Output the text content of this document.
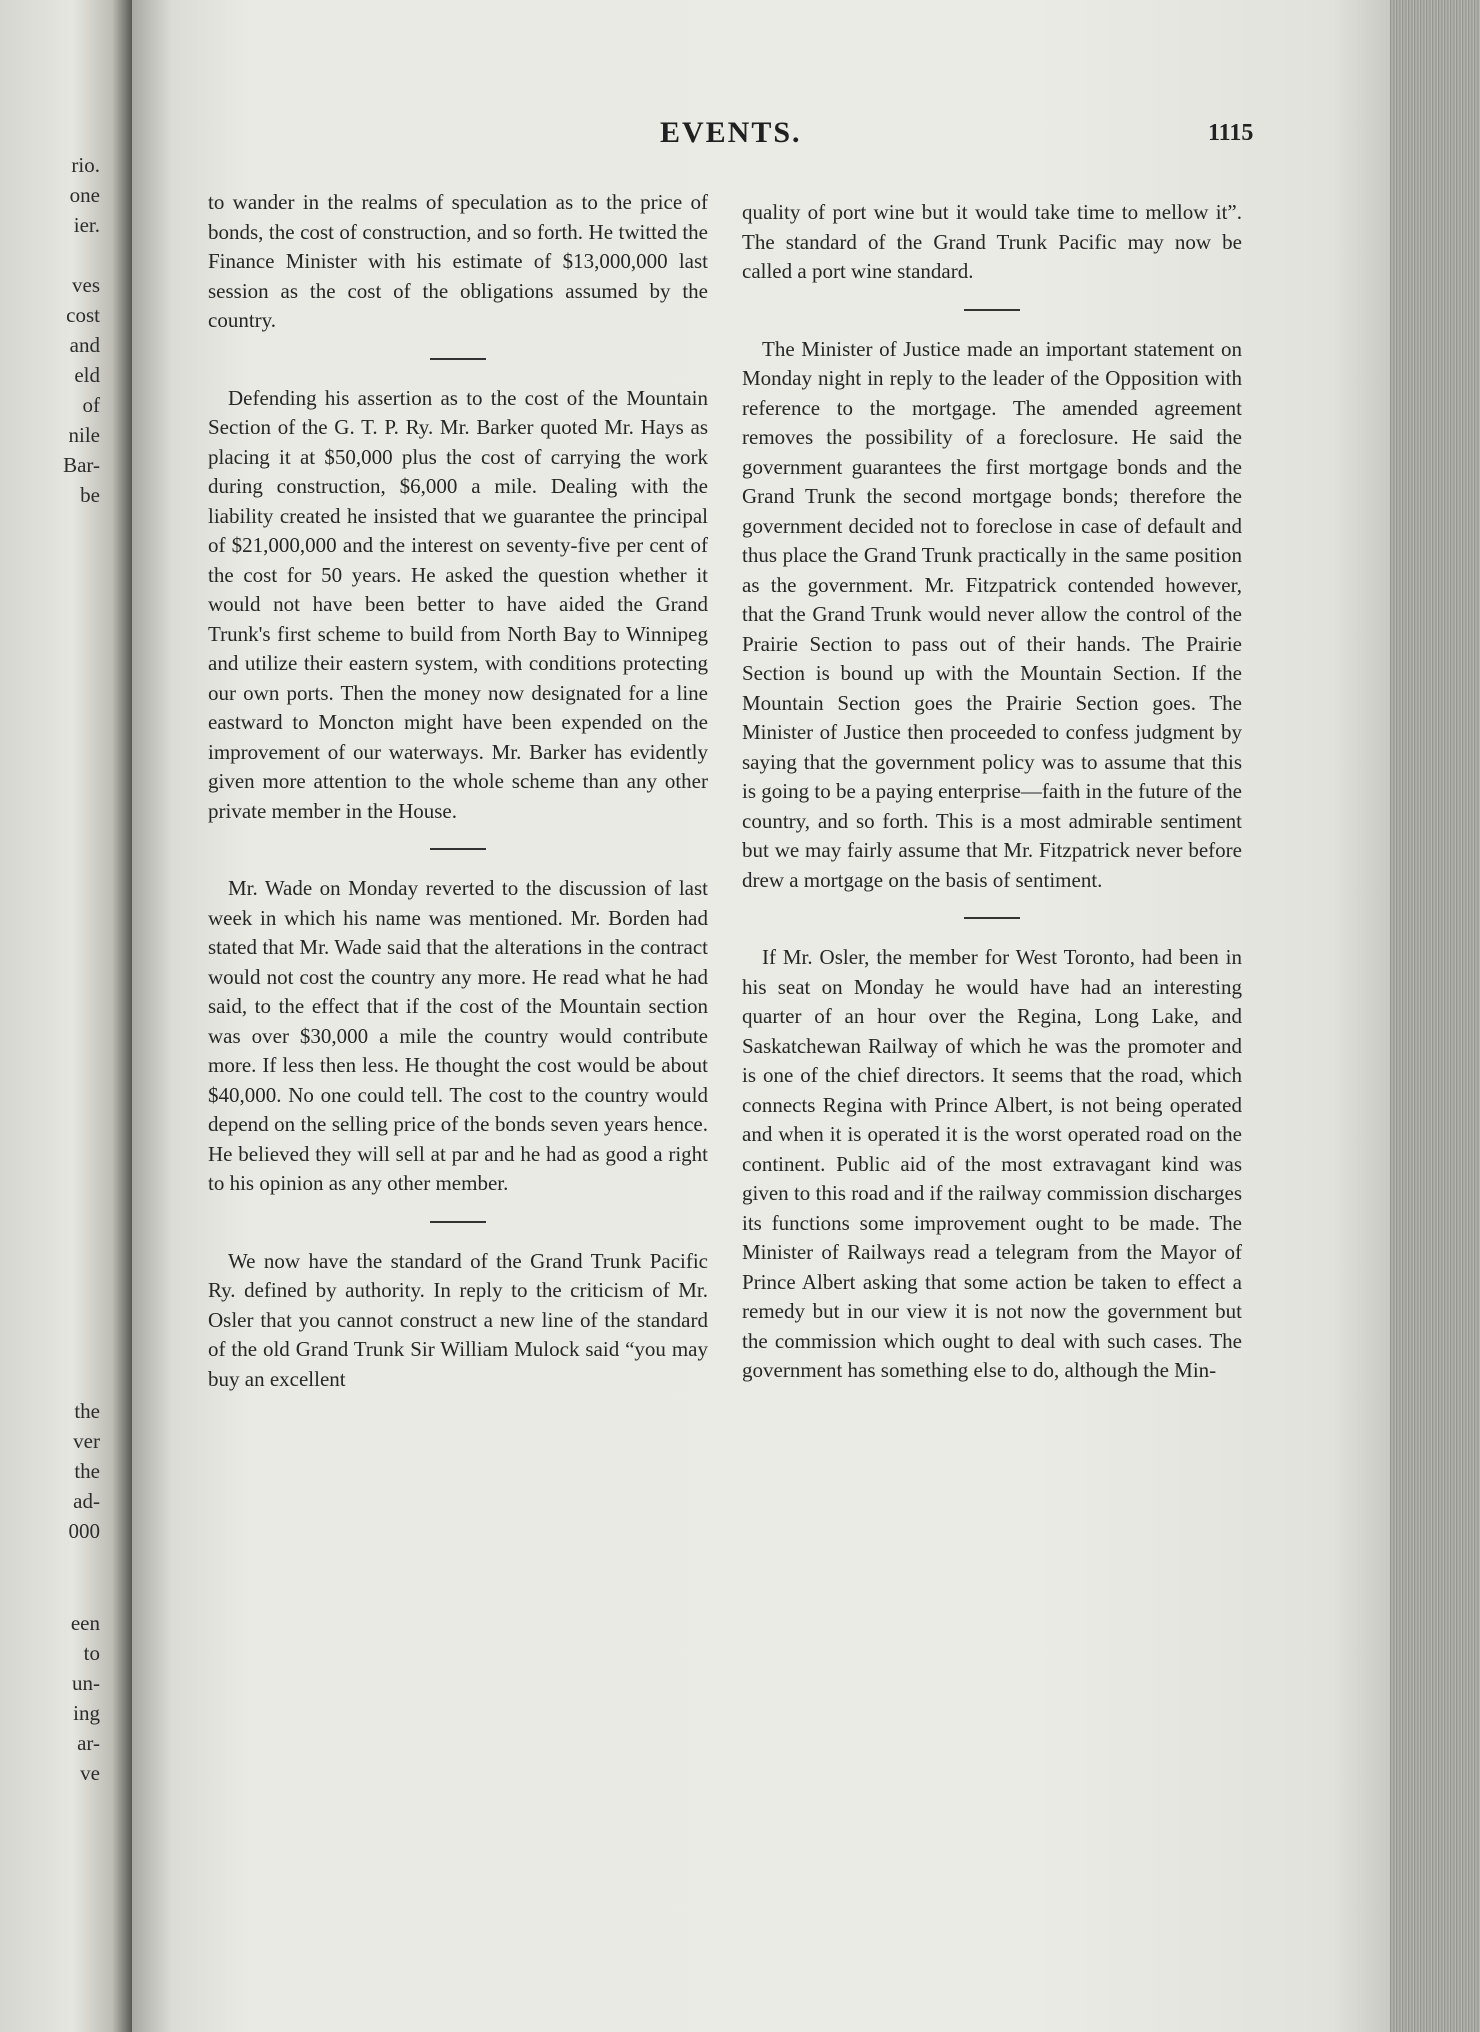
rio.

one

ier.

ves

cost

and

eld

of

nile

Bar-

be

the

ver

the

ad-

000

een

to

un-

ing

ar-

ve

EVENTS.	1115

to wander in the realms of speculation as to the price of bonds, the cost of construction, and so forth. He twitted the Finance Minister with his estimate of $13,000,000 last session as the cost of the obligations assumed by the country.

Defending his assertion as to the cost of the Mountain Section of the G. T. P. Ry. Mr. Barker quoted Mr. Hays as placing it at $50,000 plus the cost of carrying the work during construction, $6,000 a mile. Dealing with the liability created he insisted that we guarantee the principal of $21,000,000 and the interest on seventy-five per cent of the cost for 50 years. He asked the question whether it would not have been better to have aided the Grand Trunk's first scheme to build from North Bay to Winnipeg and utilize their eastern system, with conditions protecting our own ports. Then the money now designated for a line eastward to Moncton might have been expended on the improvement of our waterways. Mr. Barker has evidently given more attention to the whole scheme than any other private member in the House.

Mr. Wade on Monday reverted to the discussion of last week in which his name was mentioned. Mr. Borden had stated that Mr. Wade said that the alterations in the contract would not cost the country any more. He read what he had said, to the effect that if the cost of the Mountain section was over $30,000 a mile the country would contribute more. If less then less. He thought the cost would be about $40,000. No one could tell. The cost to the country would depend on the selling price of the bonds seven years hence. He believed they will sell at par and he had as good a right to his opinion as any other member.

We now have the standard of the Grand Trunk Pacific Ry. defined by authority. In reply to the criticism of Mr. Osler that you cannot construct a new line of the standard of the old Grand Trunk Sir William Mulock said “you may buy an excellent

quality of port wine but it would take time to mellow it”. The standard of the Grand Trunk Pacific may now be called a port wine standard.

The Minister of Justice made an important statement on Monday night in reply to the leader of the Opposition with reference to the mortgage. The amended agreement removes the possibility of a foreclosure. He said the government guarantees the first mortgage bonds and the Grand Trunk the second mortgage bonds; therefore the government decided not to foreclose in case of default and thus place the Grand Trunk practically in the same position as the government. Mr. Fitzpatrick contended however, that the Grand Trunk would never allow the control of the Prairie Section to pass out of their hands. The Prairie Section is bound up with the Mountain Section. If the Mountain Section goes the Prairie Section goes. The Minister of Justice then proceeded to confess judgment by saying that the government policy was to assume that this is going to be a paying enterprise—faith in the future of the country, and so forth. This is a most admirable sentiment but we may fairly assume that Mr. Fitzpatrick never before drew a mortgage on the basis of sentiment.

If Mr. Osler, the member for West Toronto, had been in his seat on Monday he would have had an interesting quarter of an hour over the Regina, Long Lake, and Saskatchewan Railway of which he was the promoter and is one of the chief directors. It seems that the road, which connects Regina with Prince Albert, is not being operated and when it is operated it is the worst operated road on the continent. Public aid of the most extravagant kind was given to this road and if the railway commission discharges its functions some improvement ought to be made. The Minister of Railways read a telegram from the Mayor of Prince Albert asking that some action be taken to effect a remedy but in our view it is not now the government but the commission which ought to deal with such cases. The government has something else to do, although the Min-
